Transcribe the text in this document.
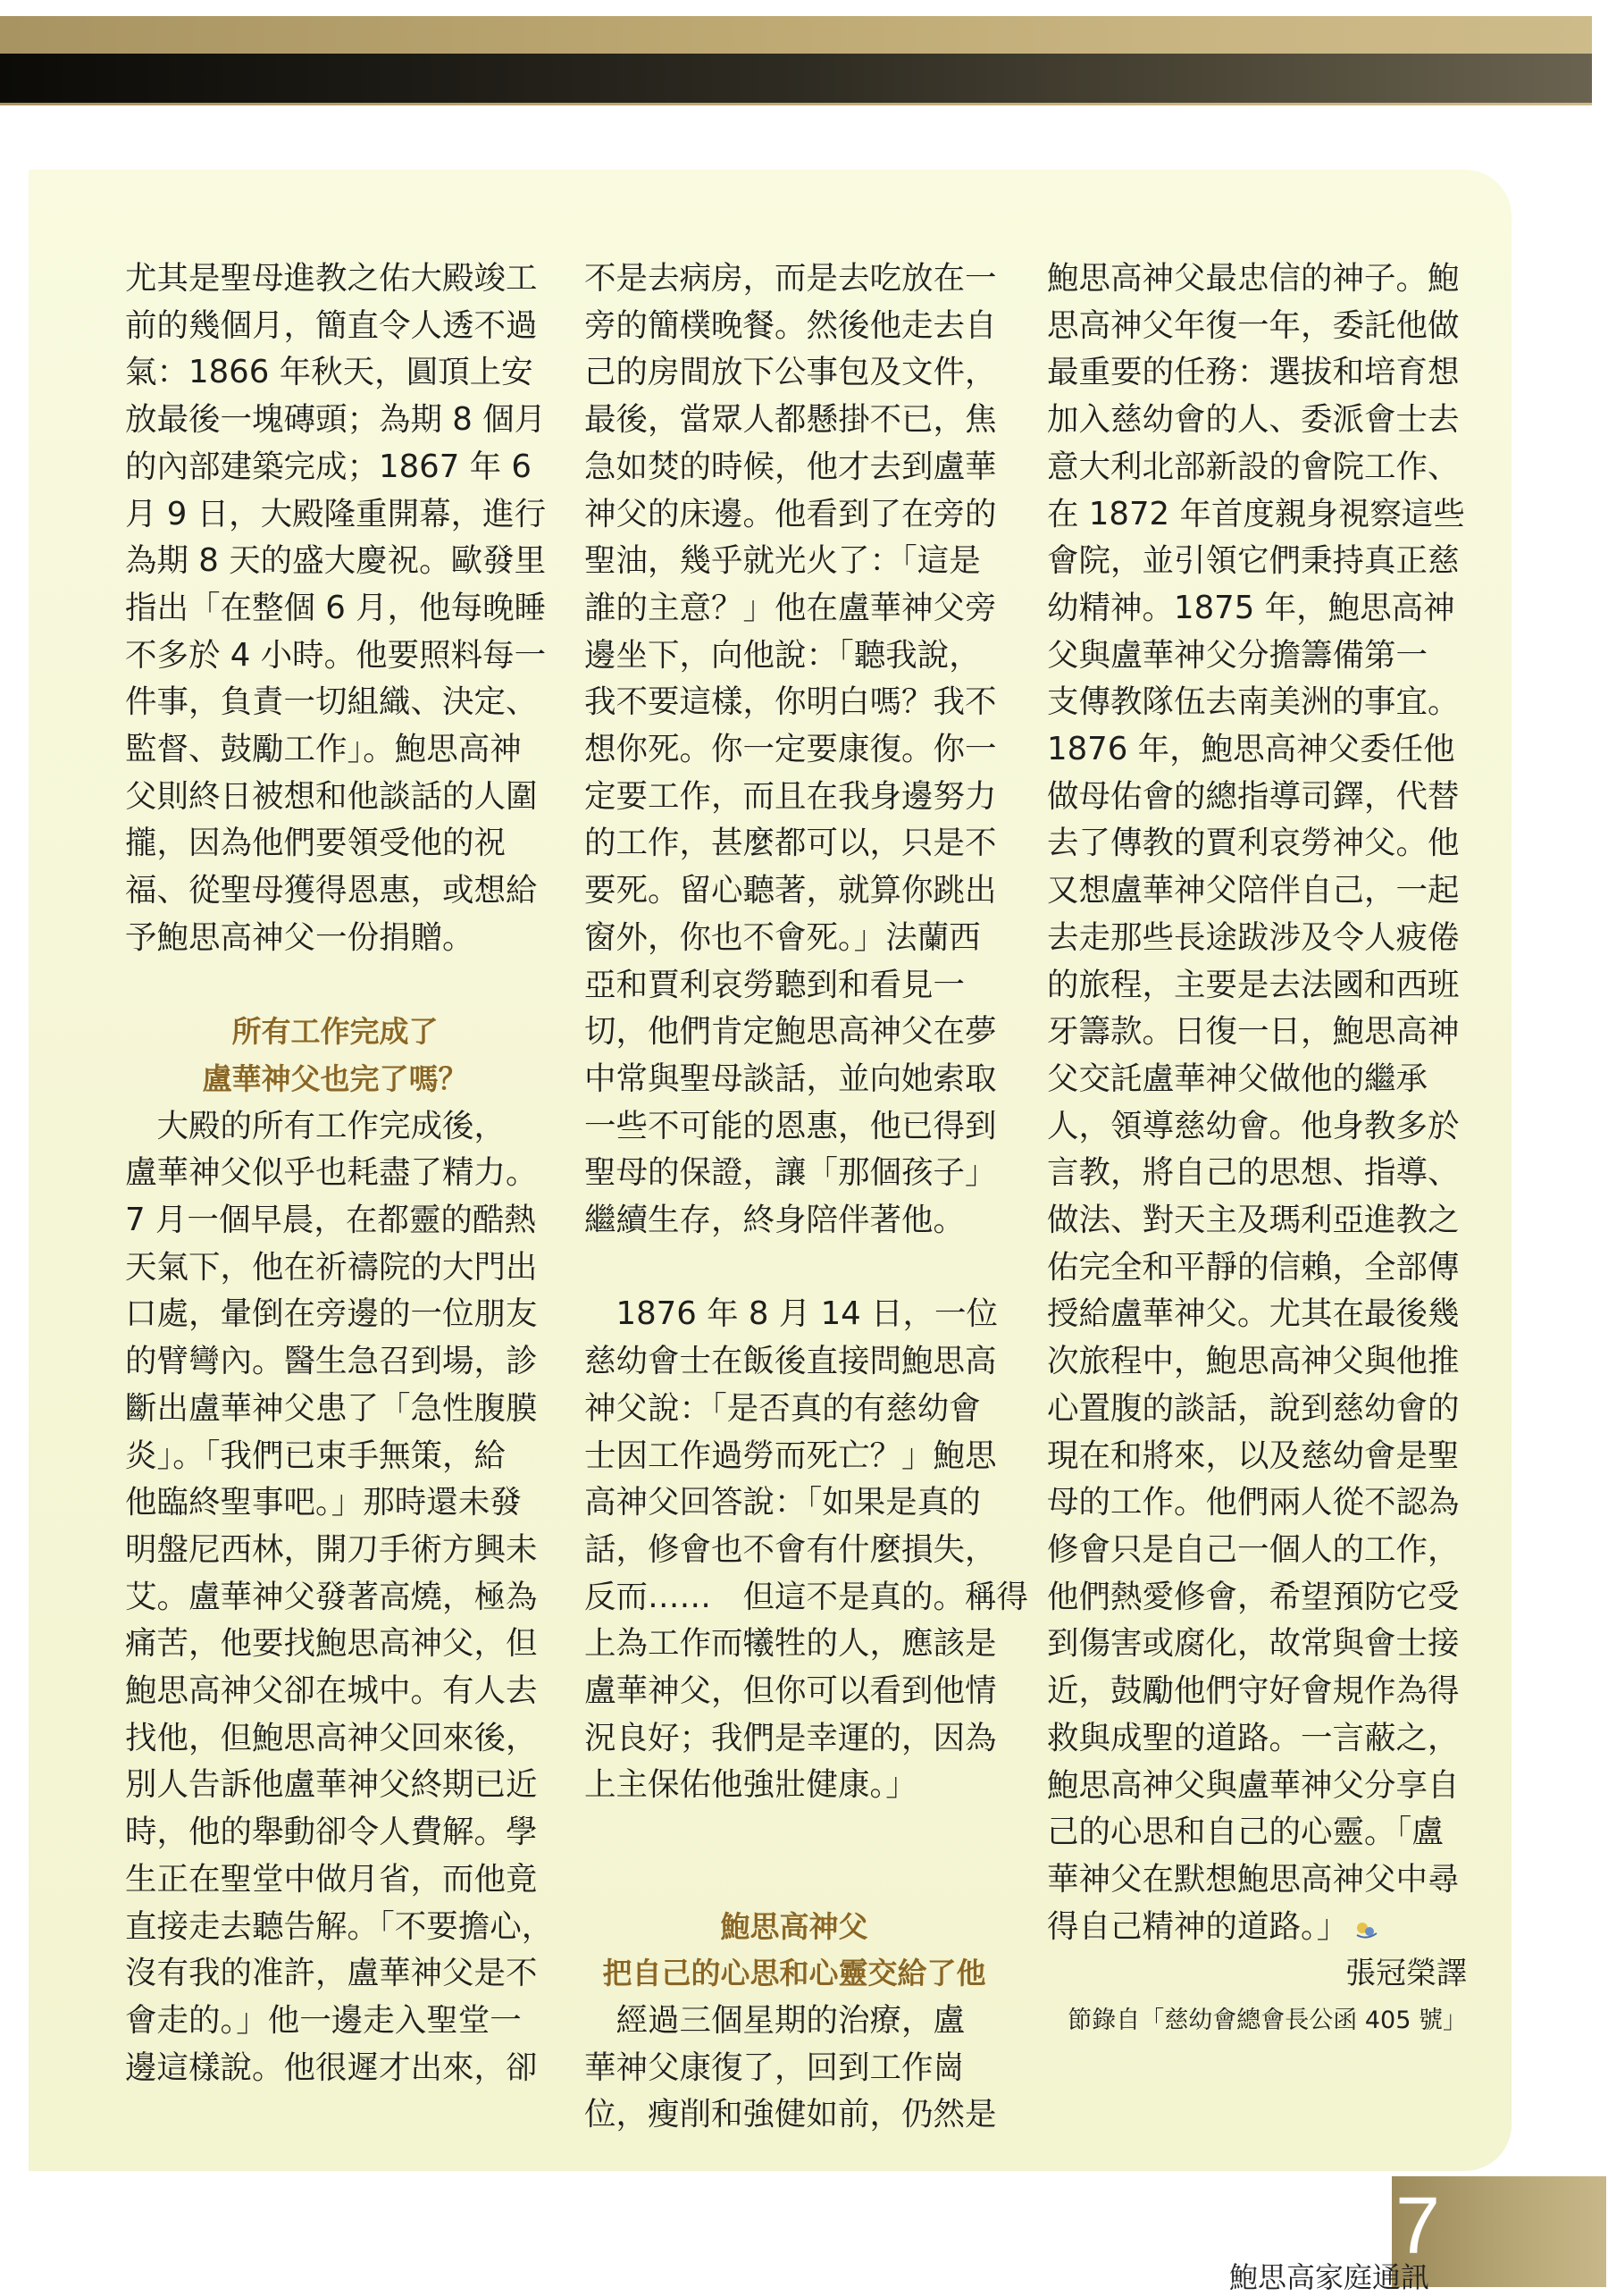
尤其是聖母進教之佑大殿竣工

前的幾個月，簡直令人透不過

氣：1866 年秋天，圓頂上安

放最後一塊磚頭；為期 8 個月

的內部建築完成；1867 年 6

月 9 日，大殿隆重開幕，進行

為期 8 天的盛大慶祝。歐發里

指出「在整個 6 月，他每晚睡

不多於 4 小時。他要照料每一

件事，負責一切組織、決定、

監督、鼓勵工作」。鮑思高神

父則終日被想和他談話的人圍

攏，因為他們要領受他的祝

福、從聖母獲得恩惠，或想給

予鮑思高神父一份捐贈。

所有工作完成了

盧華神父也完了嗎？

　大殿的所有工作完成後，

盧華神父似乎也耗盡了精力。

7 月一個早晨，在都靈的酷熱

天氣下，他在祈禱院的大門出

口處，暈倒在旁邊的一位朋友

的臂彎內。醫生急召到場，診

斷出盧華神父患了「急性腹膜

炎」。「我們已束手無策，給

他臨終聖事吧。」那時還未發

明盤尼西林，開刀手術方興未

艾。盧華神父發著高燒，極為

痛苦，他要找鮑思高神父，但

鮑思高神父卻在城中。有人去

找他，但鮑思高神父回來後，

別人告訴他盧華神父終期已近

時，他的舉動卻令人費解。學

生正在聖堂中做月省，而他竟

直接走去聽告解。「不要擔心，

沒有我的准許，盧華神父是不

會走的。」他一邊走入聖堂一

邊這樣說。他很遲才出來，卻

不是去病房，而是去吃放在一

旁的簡樸晚餐。然後他走去自

己的房間放下公事包及文件，

最後，當眾人都懸掛不已，焦

急如焚的時候，他才去到盧華

神父的床邊。他看到了在旁的

聖油，幾乎就光火了：「這是

誰的主意？」他在盧華神父旁

邊坐下，向他說：「聽我說，

我不要這樣，你明白嗎？我不

想你死。你一定要康復。你一

定要工作，而且在我身邊努力

的工作，甚麼都可以，只是不

要死。留心聽著，就算你跳出

窗外，你也不會死。」法蘭西

亞和賈利哀勞聽到和看見一

切，他們肯定鮑思高神父在夢

中常與聖母談話，並向她索取

一些不可能的恩惠，他已得到

聖母的保證，讓「那個孩子」

繼續生存，終身陪伴著他。

　1876 年 8 月 14 日，一位

慈幼會士在飯後直接問鮑思高

神父說：「是否真的有慈幼會

士因工作過勞而死亡？」鮑思

高神父回答說：「如果是真的

話，修會也不會有什麼損失，

反而……　但這不是真的。稱得

上為工作而犧牲的人，應該是

盧華神父，但你可以看到他情

況良好；我們是幸運的，因為

上主保佑他強壯健康。」

鮑思高神父

把自己的心思和心靈交給了他

　經過三個星期的治療，盧

華神父康復了，回到工作崗

位，瘦削和強健如前，仍然是

鮑思高神父最忠信的神子。鮑

思高神父年復一年，委託他做

最重要的任務：選拔和培育想

加入慈幼會的人、委派會士去

意大利北部新設的會院工作、

在 1872 年首度親身視察這些

會院，並引領它們秉持真正慈

幼精神。1875 年，鮑思高神

父與盧華神父分擔籌備第一

支傳教隊伍去南美洲的事宜。

1876 年，鮑思高神父委任他

做母佑會的總指導司鐸，代替

去了傳教的賈利哀勞神父。他

又想盧華神父陪伴自己，一起

去走那些長途跋涉及令人疲倦

的旅程，主要是去法國和西班

牙籌款。日復一日，鮑思高神

父交託盧華神父做他的繼承

人，領導慈幼會。他身教多於

言教，將自己的思想、指導、

做法、對天主及瑪利亞進教之

佑完全和平靜的信賴，全部傳

授給盧華神父。尤其在最後幾

次旅程中，鮑思高神父與他推

心置腹的談話，說到慈幼會的

現在和將來，以及慈幼會是聖

母的工作。他們兩人從不認為

修會只是自己一個人的工作，

他們熱愛修會，希望預防它受

到傷害或腐化，故常與會士接

近，鼓勵他們守好會規作為得

救與成聖的道路。一言蔽之，

鮑思高神父與盧華神父分享自

己的心思和自己的心靈。「盧

華神父在默想鮑思高神父中尋

得自己精神的道路。」

張冠榮譯

節錄自「慈幼會總會長公函 405 號」

7
鮑思高家庭通訊
